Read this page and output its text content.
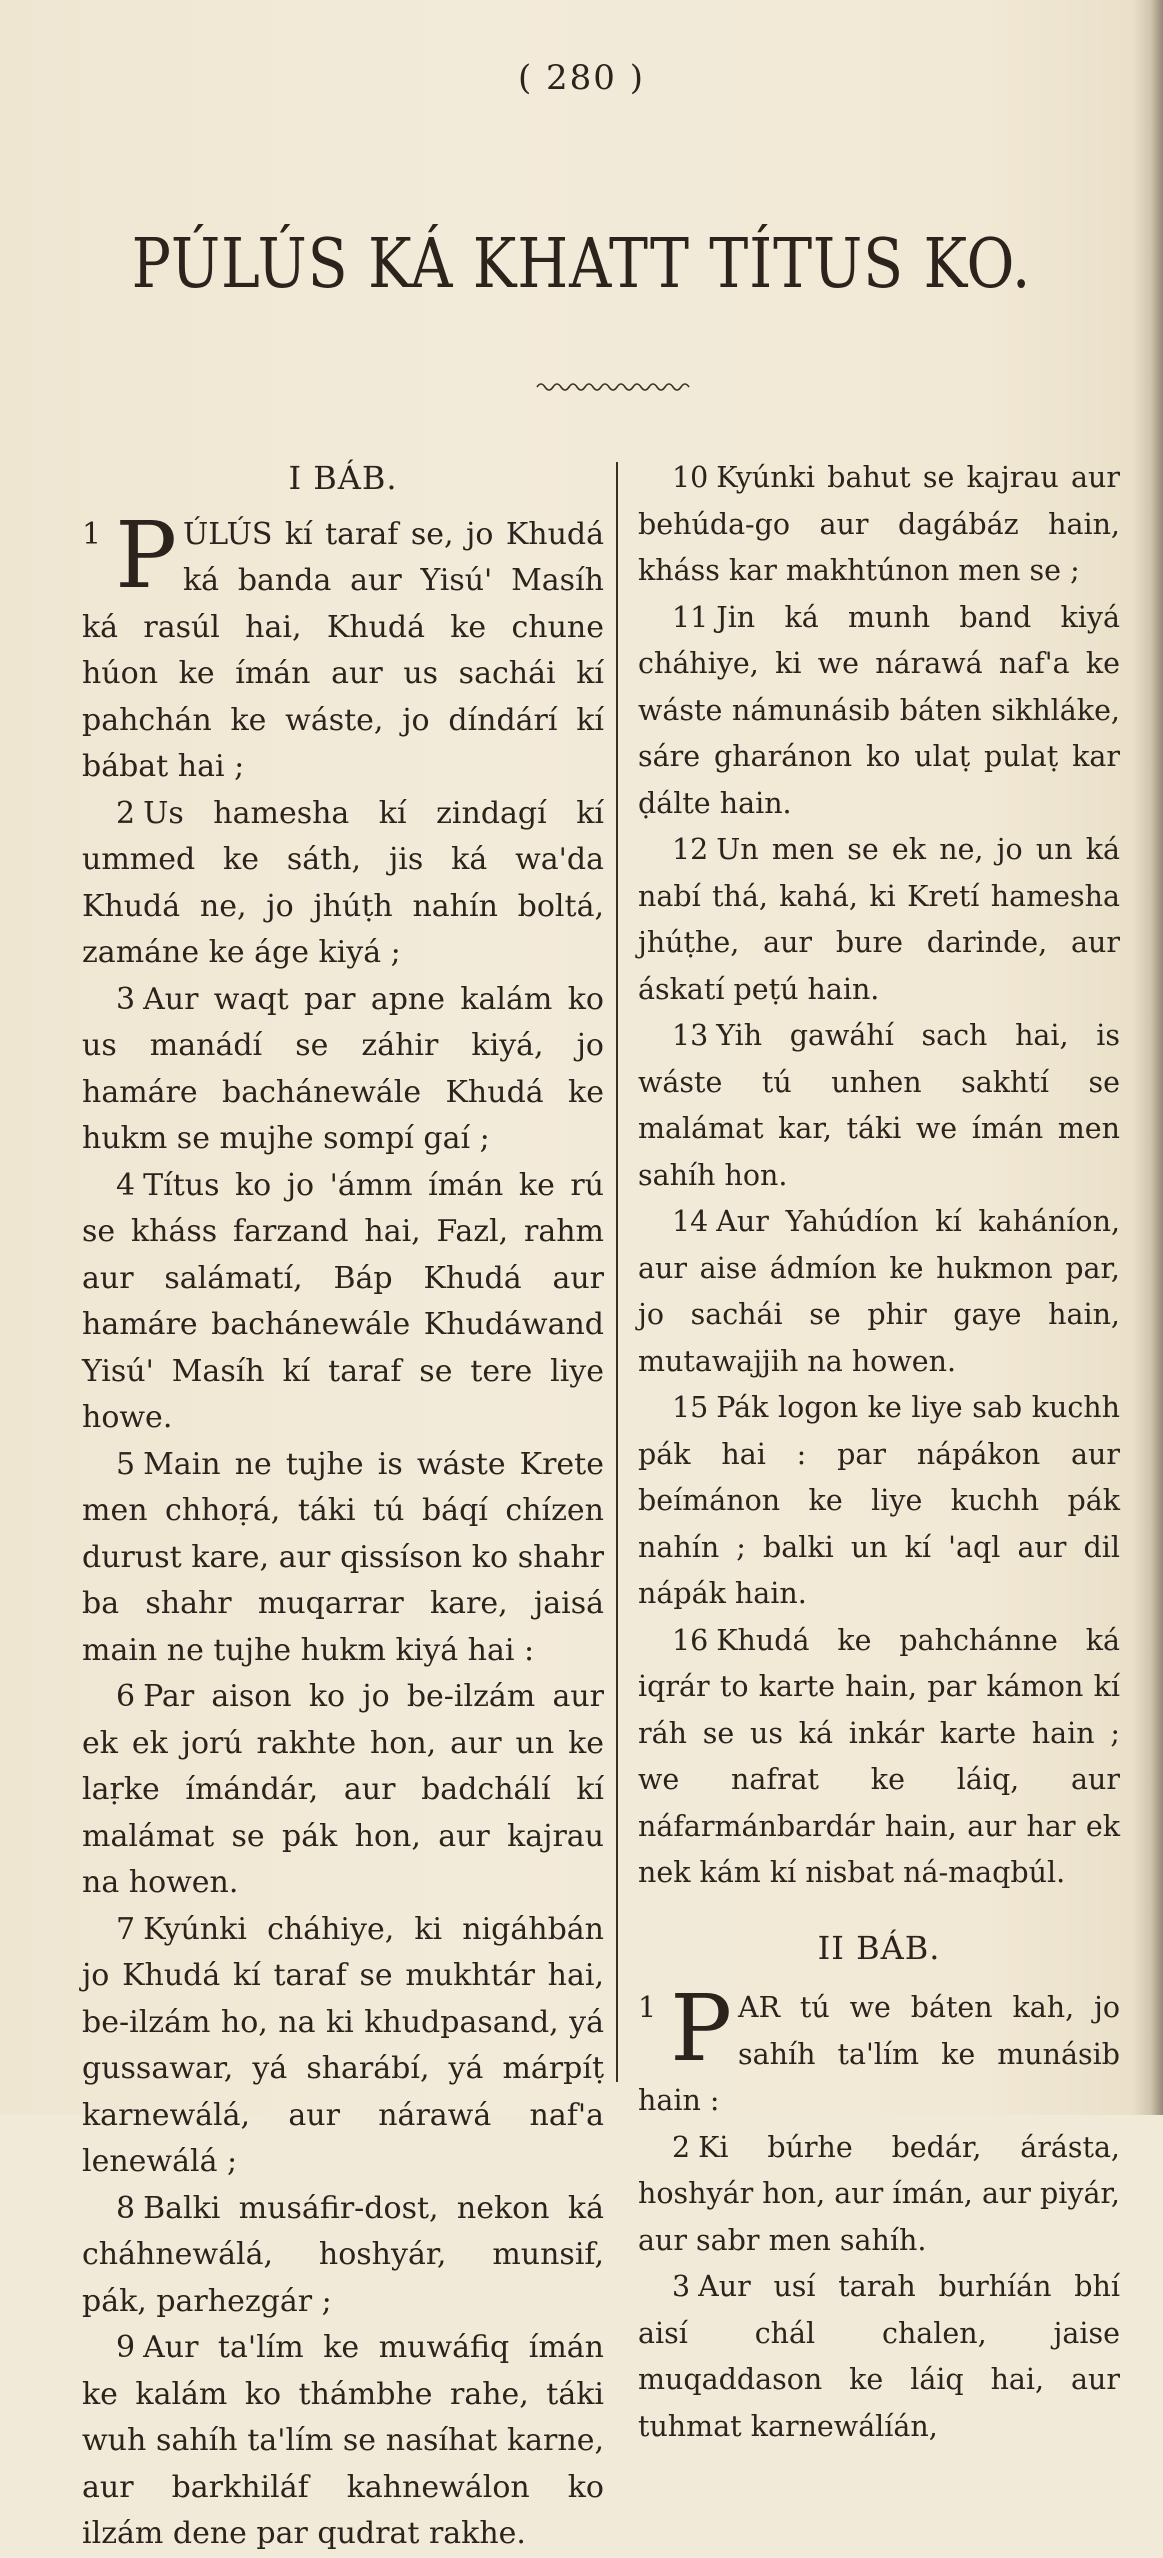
( 280 )
PÚLÚS KÁ KHATT TÍTUS KO.

I BÁB.

1 P ÚLÚS kí taraf se, jo Khudá ká banda aur Yisú' Masíh ká rasúl hai, Khudá ke chune húon ke ímán aur us sachái kí pahchán ke wáste, jo díndárí kí bábat hai ;

2 Us hamesha kí zindagí kí ummed ke sáth, jis ká wa'da Khudá ne, jo jhúṭh nahín boltá, zamáne ke áge kiyá ;

3 Aur waqt par apne kalám ko us manádí se záhir kiyá, jo hamáre bachánewále Khudá ke hukm se mujhe sompí gaí ;

4 Títus ko jo 'ámm ímán ke rú se kháss farzand hai, Fazl, rahm aur salámatí, Báp Khudá aur hamáre bachánewále Khudáwand Yisú' Masíh kí taraf se tere liye howe.

5 Main ne tujhe is wáste Krete men chhoṛá, táki tú báqí chízen durust kare, aur qissíson ko shahr ba shahr muqarrar kare, jaisá main ne tujhe hukm kiyá hai :

6 Par aison ko jo be-ilzám aur ek ek jorú rakhte hon, aur un ke laṛke ímándár, aur badchálí kí malámat se pák hon, aur kajrau na howen.

7 Kyúnki cháhiye, ki nigáhbán jo Khudá kí taraf se mukhtár hai, be-ilzám ho, na ki khudpasand, yá gussawar, yá sharábí, yá márpíṭ karnewálá, aur nárawá naf'a lenewálá ;

8 Balki musáfir-dost, nekon ká cháhnewálá, hoshyár, munsif, pák, parhezgár ;

9 Aur ta'lím ke muwáfiq ímán ke kalám ko thámbhe rahe, táki wuh sahíh ta'lím se nasíhat karne, aur barkhiláf kahnewálon ko ilzám dene par qudrat rakhe.

10 Kyúnki bahut se kajrau aur behúda-go aur dagábáz hain, kháss kar makhtúnon men se ;

11 Jin ká munh band kiyá cháhiye, ki we nárawá naf'a ke wáste námunásib báten sikhláke, sáre gharánon ko ulaṭ pulaṭ kar ḍálte hain.

12 Un men se ek ne, jo un ká nabí thá, kahá, ki Kretí hamesha jhúṭhe, aur bure darinde, aur áskatí peṭú hain.

13 Yih gawáhí sach hai, is wáste tú unhen sakhtí se malámat kar, táki we ímán men sahíh hon.

14 Aur Yahúdíon kí kaháníon, aur aise ádmíon ke hukmon par, jo sachái se phir gaye hain, mutawajjih na howen.

15 Pák logon ke liye sab kuchh pák hai : par nápákon aur beímánon ke liye kuchh pák nahín ; balki un kí 'aql aur dil nápák hain.

16 Khudá ke pahchánne ká iqrár to karte hain, par kámon kí ráh se us ká inkár karte hain ; we nafrat ke láiq, aur náfarmánbardár hain, aur har ek nek kám kí nisbat ná-maqbúl.

II BÁB.

1 P AR tú we báten kah, jo sahíh ta'lím ke munásib hain :

2 Ki búrhe bedár, árásta, hoshyár hon, aur ímán, aur piyár, aur sabr men sahíh.

3 Aur usí tarah burhíán bhí aisí chál chalen, jaise muqaddason ke láiq hai, aur tuhmat karnewálíán,
